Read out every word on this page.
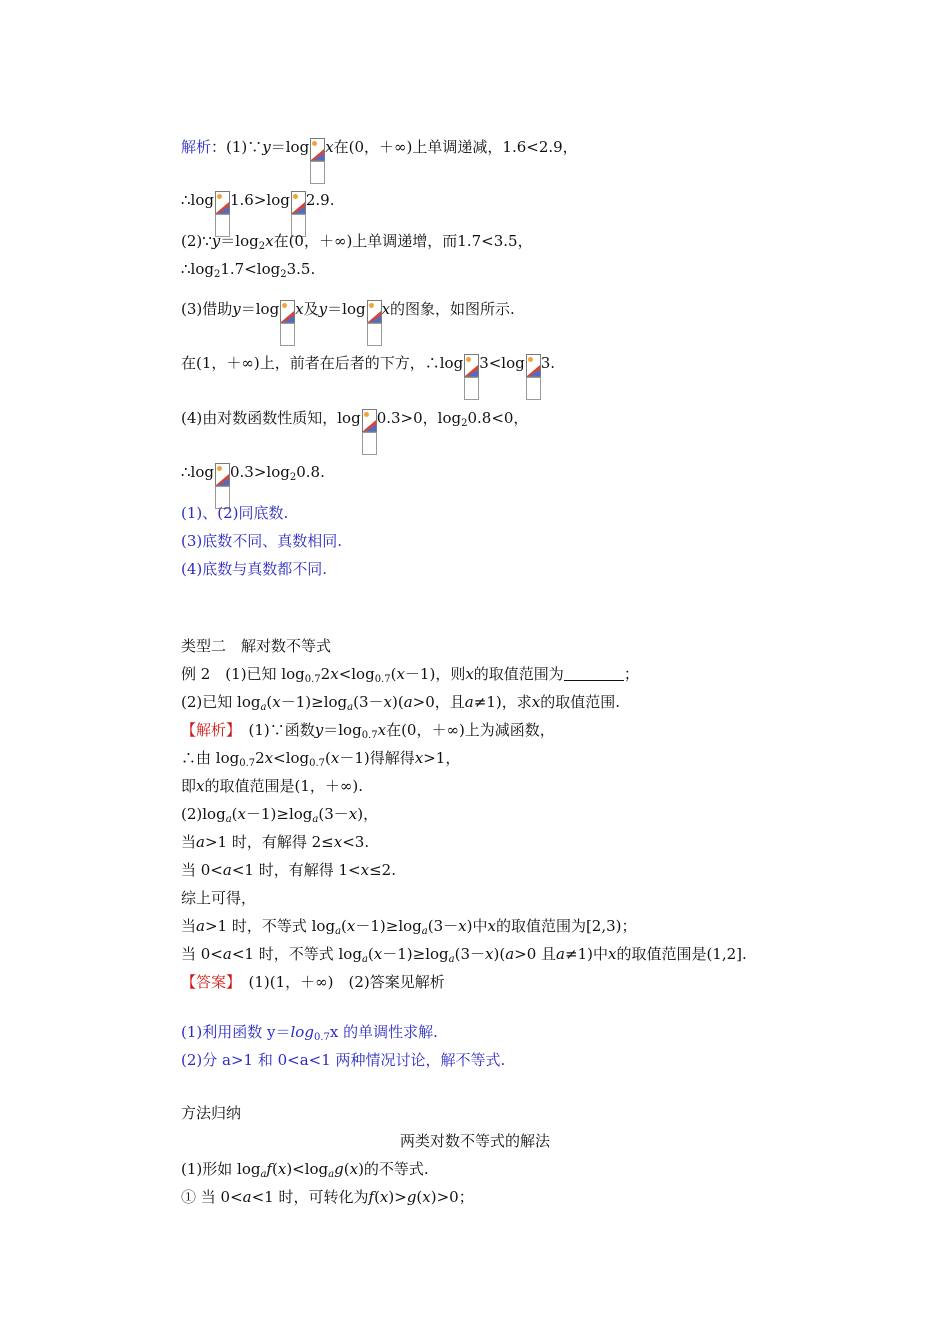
解析：(1)∵y＝log x在(0，＋∞)上单调递减，1.6<2.9，
∴log 1.6>log 2.9.
$(2)\because y=\log_2x$在(0，＋∞)上单调递增，而1.7<3.5，
$\therefore\log_21.7<\log_23.5$.
(3)借助y＝log x及y＝log x的图象，如图所示.
在(1，＋∞)上，前者在后者的下方，∴log 3<log 3.
(4)由对数函数性质知，log 0.3>0，$\log_20.8<0$，
∴log $0.3>\log_20.8$.
(1)、(2)同底数.
(3)底数不同、真数相同.
(4)底数与真数都不同.
类型二　解对数不等式
例 2　(1)已知 $\log_{0.7}2x<\log_{0.7}(x-1)$，则x的取值范围为	；
(2)已知 $\log_a(x-1)\ge\log_a(3-x)(a>0$，且a≠1)，求x的取值范围.
【解析】　(1)∵函数$y=\log_{0.7}x$在(0，＋∞)上为减函数，
∴由 $\log_{0.7}2x<\log_{0.7}(x-1)$得解得x>1，
即x的取值范围是(1，＋∞).
$(2)\log_a(x-1)\ge\log_a(3-x)$，
当a>1 时，有解得 2≤x<3.
当 0<a<1 时，有解得 1<x≤2.
综上可得，
当a>1 时，不等式 $\log_a(x-1)\ge\log_a(3-x)$中x的取值范围为[2,3)；
当 0<a<1 时，不等式 $\log_a(x-1)\ge\log_a(3-x)(a>0$ 且a≠1)中x的取值范围是(1,2].
【答案】　(1)(1，＋∞)　(2)答案见解析
(1)利用函数 $y=\log_{0.7}x$ 的单调性求解.
(2)分 a>1 和 0<a<1 两种情况讨论，解不等式.
方法归纳
两类对数不等式的解法
(1)形如 $\log_af(x)<\log_ag(x)$的不等式.
① 当 0<a<1 时，可转化为f(x)>g(x)>0；
